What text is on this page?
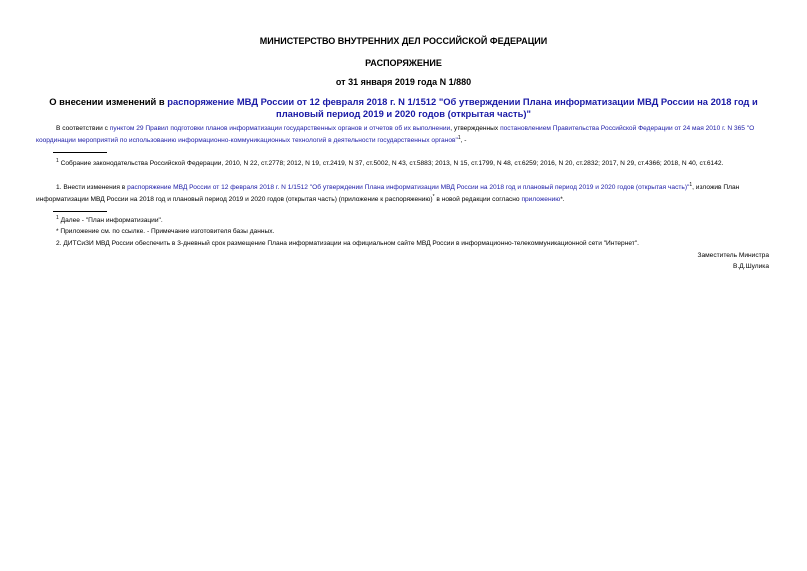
МИНИСТЕРСТВО ВНУТРЕННИХ ДЕЛ РОССИЙСКОЙ ФЕДЕРАЦИИ
РАСПОРЯЖЕНИЕ
от 31 января 2019 года N 1/880
О внесении изменений в распоряжение МВД России от 12 февраля 2018 г. N 1/1512 "Об утверждении Плана информатизации МВД России на 2018 год и плановый период 2019 и 2020 годов (открытая часть)"
В соответствии с пунктом 29 Правил подготовки планов информатизации государственных органов и отчетов об их выполнении, утвержденных постановлением Правительства Российской Федерации от 24 мая 2010 г. N 365 "О координации мероприятий по использованию информационно-коммуникационных технологий в деятельности государственных органов"$^1$, -
$^1$ Собрание законодательства Российской Федерации, 2010, N 22, ст.2778; 2012, N 19, ст.2419, N 37, ст.5002, N 43, ст.5883; 2013, N 15, ст.1799, N 48, ст.6259; 2016, N 20, ст.2832; 2017, N 29, ст.4366; 2018, N 40, ст.6142.
1. Внести изменения в распоряжение МВД России от 12 февраля 2018 г. N 1/1512 "Об утверждении Плана информатизации МВД России на 2018 год и плановый период 2019 и 2020 годов (открытая часть)"$^1$, изложив План информатизации МВД России на 2018 год и плановый период 2019 и 2020 годов (открытая часть) (приложение к распоряжению)* в новой редакции согласно приложению*.
$^1$ Далее - "План информатизации".
* Приложение см. по ссылке. - Примечание изготовителя базы данных.
2. ДИТСиЗИ МВД России обеспечить в 3-дневный срок размещение Плана информатизации на официальном сайте МВД России в информационно-телекоммуникационной сети "Интернет".
Заместитель Министра
В.Д.Шулика
